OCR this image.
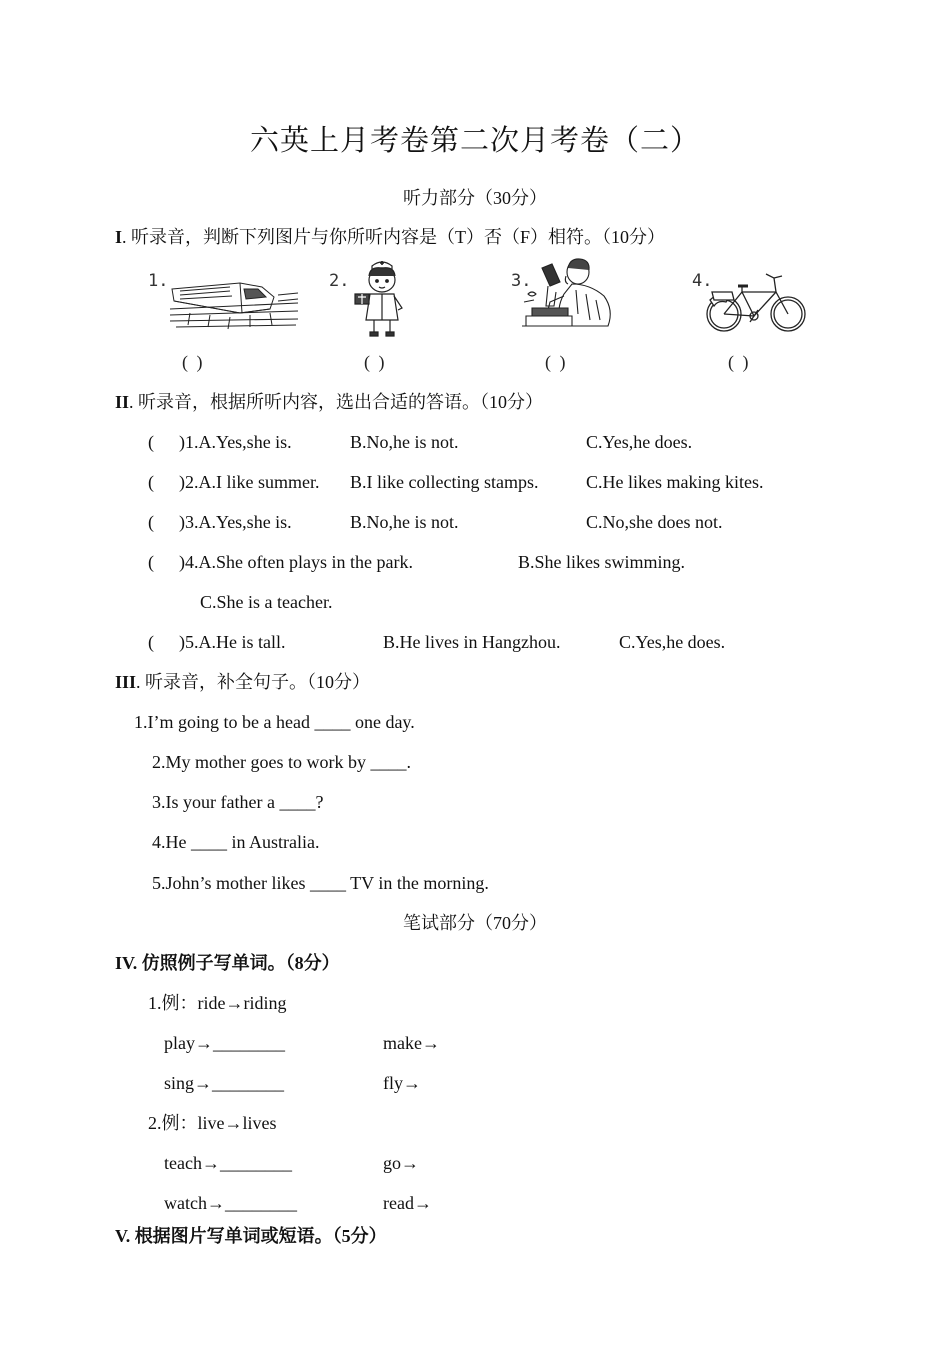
六英上月考卷第二次月考卷（二）
听力部分（30分）
I. 听录音，判断下列图片与你所听内容是（T）否（F）相符。（10分）
1.	2.	3.	4.
( )	( )	( )	( )
II. 听录音，根据所听内容，选出合适的答语。（10分）
( )1.A.Yes,she is.	B.No,he is not.	C.Yes,he does.
( )2.A.I like summer. B.I like collecting stamps.	C.He likes making kites.
( )3.A.Yes,she is.	B.No,he is not.	C.No,she does not.
( )4.A.She often plays in the park.	B.She likes swimming.
C.She is a teacher.
( )5.A.He is tall.	B.He lives in Hangzhou.	C.Yes,he does.
III. 听录音，补全句子。（10分）
1.I’m going to be a head ____ one day.
2.My mother goes to work by ____.
3.Is your father a ____?
4.He ____ in Australia.
5.John’s mother likes ____ TV in the morning.
笔试部分（70分）
IV. 仿照例子写单词。（8分）
1.例：ride→riding
play→________	make→
sing→________	fly→
2.例：live→lives
teach→________	go→
watch→________	read→
V. 根据图片写单词或短语。（5分）
